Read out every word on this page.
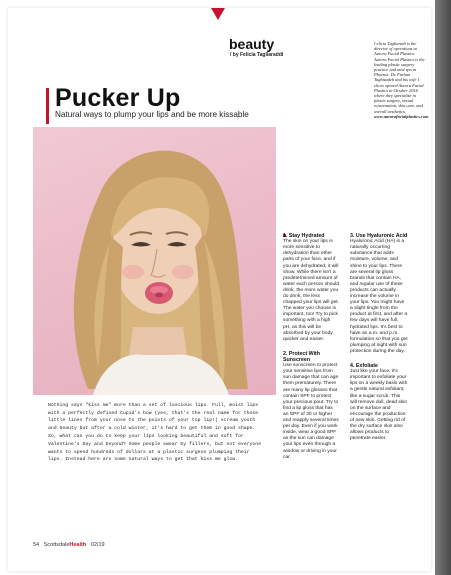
beauty
/ by Felicia Tagliaraddi
Pucker Up
Natural ways to plump your lips and be more kissable
I elicia Tagliaradi is the director of operations at Aurora Facial Plastics. Aurora Facial Plastics is the leading plastic surgery practice and med spa in Phoenix. Dr. Farhan Taghizadeh and his wife I elicia opened Aurora Facial Plastics in October 2016 where they specialize in plastic surgery, sexual rejuvenation, skin care, and overall aesthetics. www.aurorafacialplastics.com

Nothing says "kiss me" more than a set of luscious lips. Full, moist lips with a perfectly defined Cupid's bow (yes, that's the real name for those little lines from your nose to the points of your top lip!) scream youth and beauty but after a cold winter, it's hard to get them in good shape.

So, what can you do to keep your lips looking beautiful and soft for Valentine's Day and beyond? Some people swear by fillers, but not everyone wants to spend hundreds of dollars at a plastic surgeon plumping their lips. Instead here are some natural ways to get that kiss me glow.

1. Stay Hydrated

The skin on your lips is more sensitive to dehydration than other parts of your face, and if you are dehydrated, it will show. While there isn't a predetermined amount of water each person should drink, the more water you do drink, the less chapped your lips will get. The water you choose is important, too! Try to pick something with a high pH, as this will be absorbed by your body quicker and easier.

2. Protect With Sunscreen

Use sunscreen to protect your sensitive lips from sun damage that can age them prematurely. There are many lip glosses that contain SPF to protect your precious pout. Try to find a lip gloss that has an SPF of 30 or higher and reapply several times per day. Even if you work inside, wear a good SPF as the sun can damage your lips even through a window or driving in your car.

3. Use Hyaluronic Acid

Hyaluronic Acid (HA) is a naturally occurring substance that adds moisture, volume, and shine to your lips. There are several lip gloss brands that contain HA, and regular use of these products can actually increase the volume in your lips. You might have a slight tingle from the product at first, and after a few days will have full, hydrated lips. It's best to have an a.m. and p.m. formulation so that you get plumping at night with sun protection during the day.

4. Exfoliate

Just like your face, it's important to exfoliate your lips on a weekly basis with a gentle natural exfoliant, like a sugar scrub. This will remove dull, dead skin on the surface and encourage the production of new skin. Getting rid of the dry surface skin also allows products to penetrate easier.

54 ScottsdaleHealth 02/19
